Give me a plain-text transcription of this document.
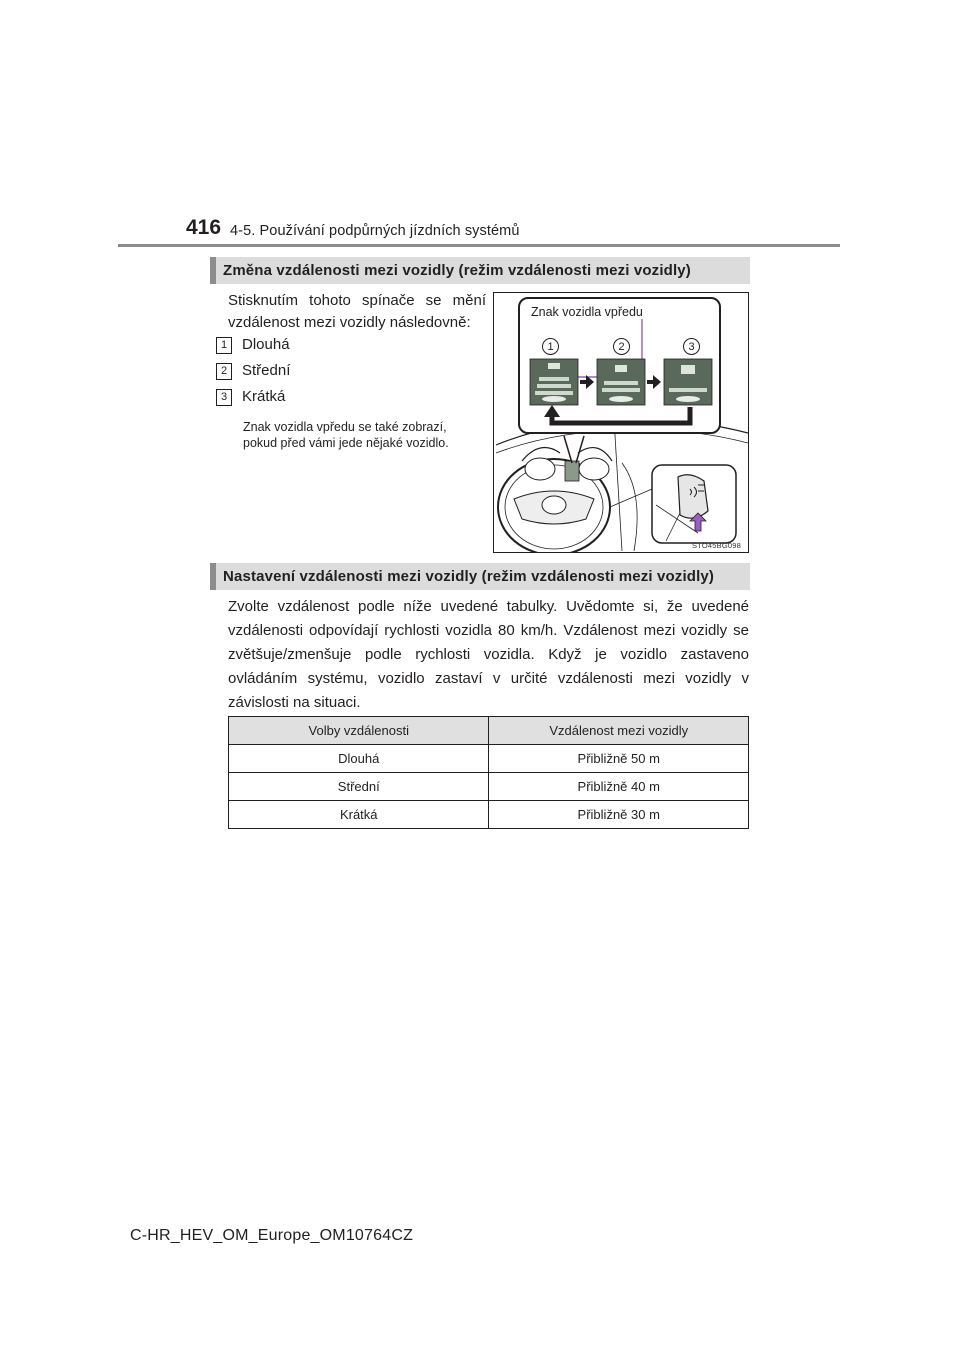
416 4-5. Používání podpůrných jízdních systémů
Změna vzdálenosti mezi vozidly (režim vzdálenosti mezi vozidly)
Stisknutím tohoto spínače se mění
vzdálenost mezi vozidly následovně:
1 Dlouhá
2 Střední
3 Krátká
Znak vozidla vpředu se také zobrazí,
pokud před vámi jede nějaké vozidlo.
Znak vozidla vpředu
1	2	3
STO45BG098
Nastavení vzdálenosti mezi vozidly (režim vzdálenosti mezi vozidly)
Zvolte vzdálenost podle níže uvedené tabulky. Uvědomte si, že uvedené vzdálenosti odpovídají rychlosti vozidla 80 km/h. Vzdálenost mezi vozidly se zvětšuje/zmenšuje podle rychlosti vozidla. Když je vozidlo zastaveno ovládáním systému, vozidlo zastaví v určité vzdálenosti mezi vozidly v závislosti na situaci.
Volby vzdálenosti	Vzdálenost mezi vozidly
Dlouhá	Přibližně 50 m
Střední	Přibližně 40 m
Krátká	Přibližně 30 m
C-HR_HEV_OM_Europe_OM10764CZ
